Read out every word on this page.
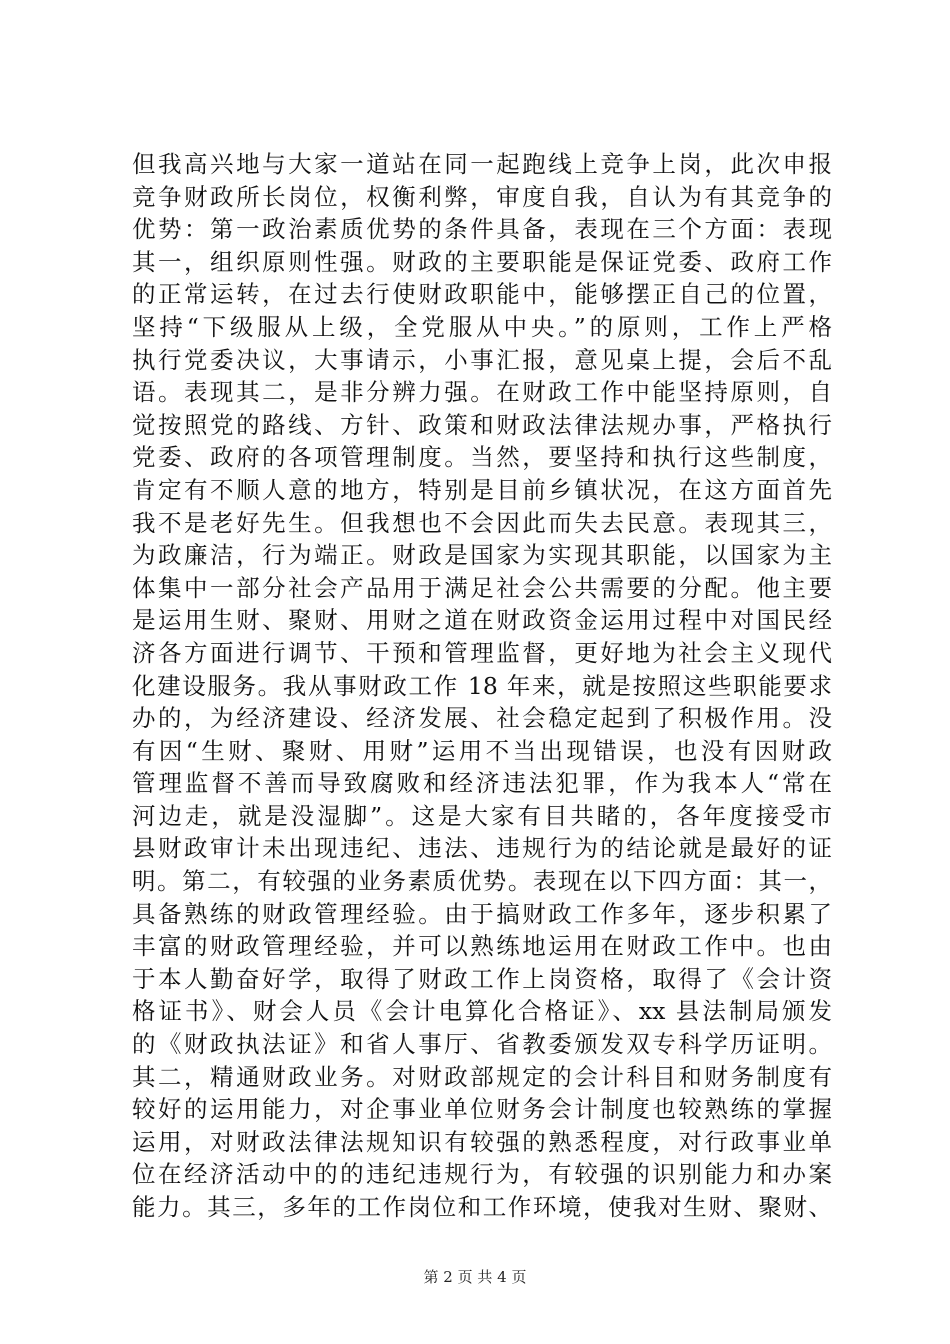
但我高兴地与大家一道站在同一起跑线上竞争上岗，此次申报
竞争财政所长岗位，权衡利弊，审度自我，自认为有其竞争的
优势：第一政治素质优势的条件具备，表现在三个方面：表现
其一，组织原则性强。财政的主要职能是保证党委、政府工作
的正常运转，在过去行使财政职能中，能够摆正自己的位置，
坚持“下级服从上级，全党服从中央。”的原则，工作上严格
执行党委决议，大事请示，小事汇报，意见桌上提，会后不乱
语。表现其二，是非分辨力强。在财政工作中能坚持原则，自
觉按照党的路线、方针、政策和财政法律法规办事，严格执行
党委、政府的各项管理制度。当然，要坚持和执行这些制度，
肯定有不顺人意的地方，特别是目前乡镇状况，在这方面首先
我不是老好先生。但我想也不会因此而失去民意。表现其三，
为政廉洁，行为端正。财政是国家为实现其职能，以国家为主
体集中一部分社会产品用于满足社会公共需要的分配。他主要
是运用生财、聚财、用财之道在财政资金运用过程中对国民经
济各方面进行调节、干预和管理监督，更好地为社会主义现代
化建设服务。我从事财政工作 18 年来，就是按照这些职能要求
办的，为经济建设、经济发展、社会稳定起到了积极作用。没
有因“生财、聚财、用财”运用不当出现错误，也没有因财政
管理监督不善而导致腐败和经济违法犯罪，作为我本人“常在
河边走，就是没湿脚”。这是大家有目共睹的，各年度接受市
县财政审计未出现违纪、违法、违规行为的结论就是最好的证
明。第二，有较强的业务素质优势。表现在以下四方面：其一，
具备熟练的财政管理经验。由于搞财政工作多年，逐步积累了
丰富的财政管理经验，并可以熟练地运用在财政工作中。也由
于本人勤奋好学，取得了财政工作上岗资格，取得了《会计资
格证书》、财会人员《会计电算化合格证》、xx 县法制局颁发
的《财政执法证》和省人事厅、省教委颁发双专科学历证明。
其二，精通财政业务。对财政部规定的会计科目和财务制度有
较好的运用能力，对企事业单位财务会计制度也较熟练的掌握
运用，对财政法律法规知识有较强的熟悉程度，对行政事业单
位在经济活动中的的违纪违规行为，有较强的识别能力和办案
能力。其三，多年的工作岗位和工作环境，使我对生财、聚财、
第 2 页 共 4 页
